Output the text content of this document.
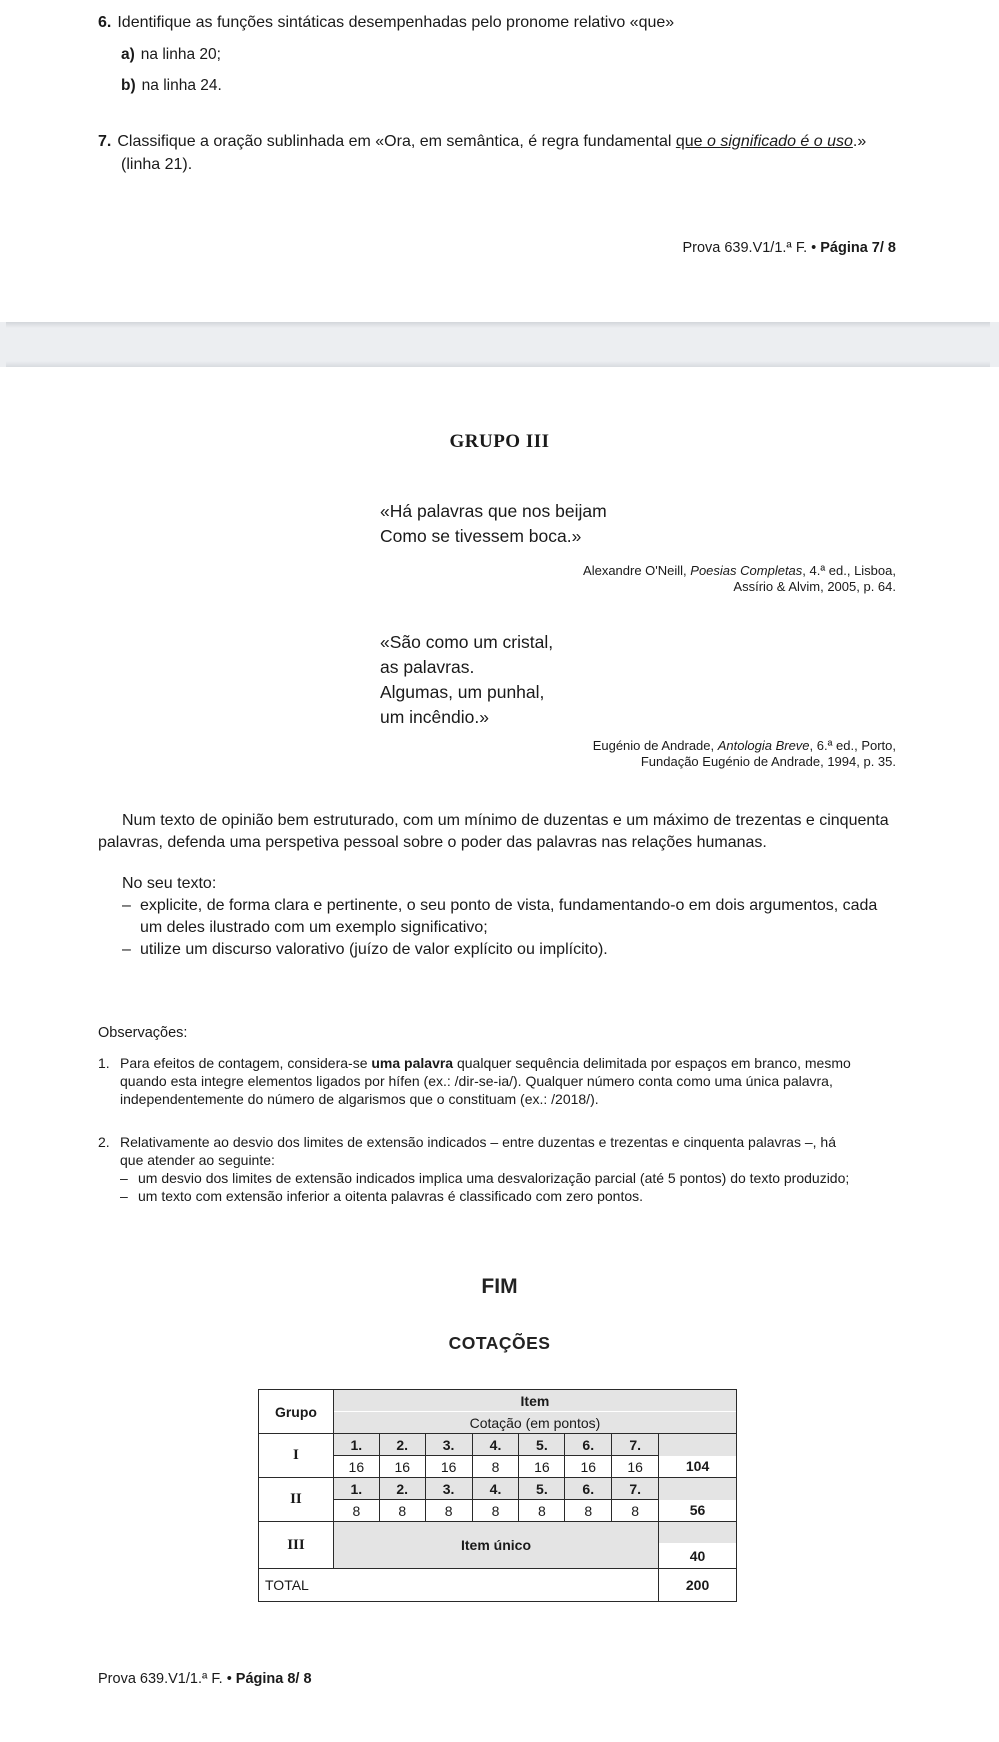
6. Identifique as funções sintáticas desempenhadas pelo pronome relativo «que»
a) na linha 20;
b) na linha 24.
7. Classifique a oração sublinhada em «Ora, em semântica, é regra fundamental que o significado é o uso.»
(linha 21).
Prova 639.V1/1.ª F. • Página 7/ 8
GRUPO III
«Há palavras que nos beijam
Como se tivessem boca.»
Alexandre O'Neill, Poesias Completas, 4.ª ed., Lisboa,
Assírio & Alvim, 2005, p. 64.
«São como um cristal,
as palavras.
Algumas, um punhal,
um incêndio.»
Eugénio de Andrade, Antologia Breve, 6.ª ed., Porto,
Fundação Eugénio de Andrade, 1994, p. 35.
Num texto de opinião bem estruturado, com um mínimo de duzentas e um máximo de trezentas e cinquenta
palavras, defenda uma perspetiva pessoal sobre o poder das palavras nas relações humanas.
No seu texto:
– explicite, de forma clara e pertinente, o seu ponto de vista, fundamentando-o em dois argumentos, cada
um deles ilustrado com um exemplo significativo;
– utilize um discurso valorativo (juízo de valor explícito ou implícito).
Observações:
1. Para efeitos de contagem, considera-se uma palavra qualquer sequência delimitada por espaços em branco, mesmo
quando esta integre elementos ligados por hífen (ex.: /dir-se-ia/). Qualquer número conta como uma única palavra,
independentemente do número de algarismos que o constituam (ex.: /2018/).
2. Relativamente ao desvio dos limites de extensão indicados – entre duzentas e trezentas e cinquenta palavras –, há
que atender ao seguinte:
– um desvio dos limites de extensão indicados implica uma desvalorização parcial (até 5 pontos) do texto produzido;
– um texto com extensão inferior a oitenta palavras é classificado com zero pontos.
FIM
COTAÇÕES
Grupo	Item							
	Cotação (em pontos)							
I	1.	2.	3.	4.	5.	6.	7.	
	16	16	16	8	16	16	16	104
II	1.	2.	3.	4.	5.	6.	7.	
	8	8	8	8	8	8	8	56
III	Item único							
								40
TOTAL								200
Prova 639.V1/1.ª F. • Página 8/ 8
